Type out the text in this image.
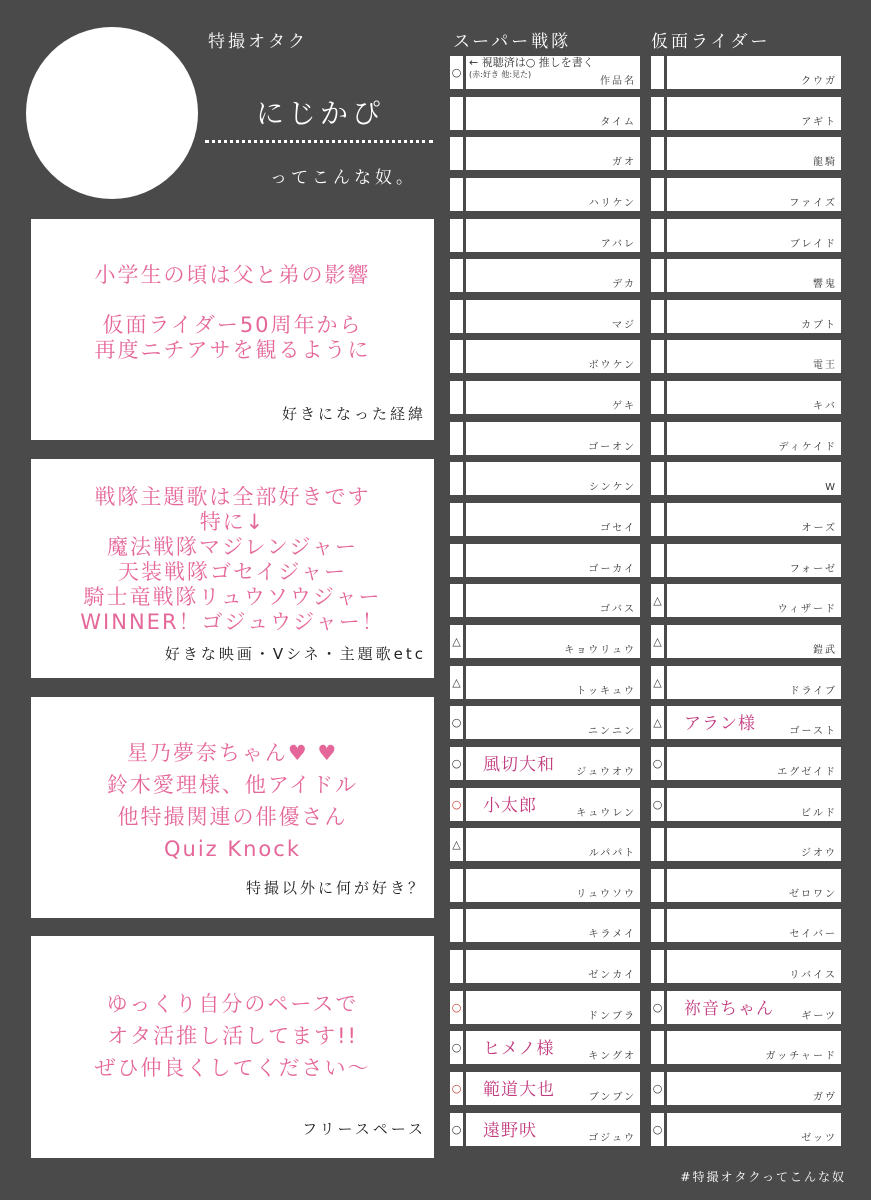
特撮オタク	スーパー戦隊	仮面ライダー
にじかぴ
ってこんな奴。
小学生の頃は父と弟の影響
仮面ライダー50周年から
再度ニチアサを観るように
好きになった経緯
戦隊主題歌は全部好きです
特に↓
魔法戦隊マジレンジャー
天装戦隊ゴセイジャー
騎士竜戦隊リュウソウジャー
WINNER！ゴジュウジャー！
好きな映画・Vシネ・主題歌etc
星乃夢奈ちゃん♥ ♥
鈴木愛理様、他アイドル
他特撮関連の俳優さん
Quiz Knock
特撮以外に何が好き？
ゆっくり自分のペースで
オタ活推し活してます!!
ぜひ仲良くしてください～
フリースペース
○
← 視聴済は○ 推しを書く
(赤:好き 他:見た)
作品名
タイム
ガオ
ハリケン
アバレ
デカ
マジ
ボウケン
ゲキ
ゴーオン
シンケン
ゴセイ
ゴーカイ
ゴバス
△
キョウリュウ
△
トッキュウ
○
ニンニン
○
ジュウオウ
風切大和
○
キュウレン
小太郎
△
ルパパト
リュウソウ
キラメイ
ゼンカイ
○
ドンブラ
○
キングオ
ヒメノ様
○
ブンブン
範道大也
○
ゴジュウ
遠野吠
クウガ
アギト
龍騎
ファイズ
ブレイド
響鬼
カブト
電王
キバ
ディケイド
W
オーズ
フォーゼ
△
ウィザード
△
鎧武
△
ドライブ
△
ゴースト
アラン様
○
エグゼイド
○
ビルド
ジオウ
ゼロワン
セイバー
リバイス
○
ギーツ
祢音ちゃん
ガッチャード
○
ガヴ
○
ゼッツ
#特撮オタクってこんな奴
